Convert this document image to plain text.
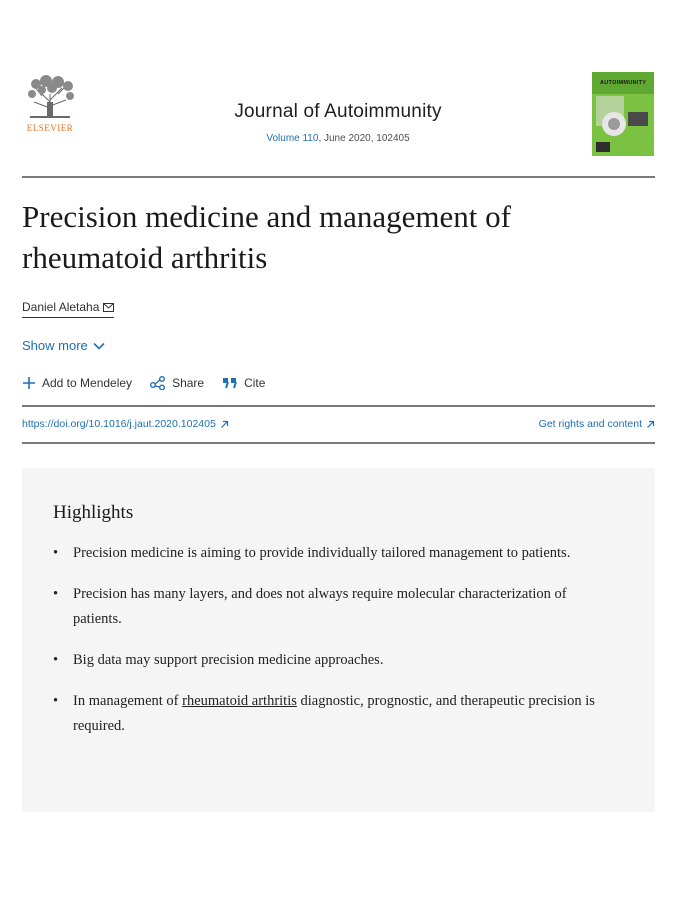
ELSEVIER
Journal of Autoimmunity
Volume 110, June 2020, 102405
AUTOIMMUNITY
Precision medicine and management of rheumatoid arthritis
Daniel Aletaha
Show more
Add to Mendeley	Share	Cite
https://doi.org/10.1016/j.jaut.2020.102405	Get rights and content
Highlights
• Precision medicine is aiming to provide individually tailored management to patients.
• Precision has many layers, and does not always require molecular characterization of patients.
• Big data may support precision medicine approaches.
• In management of rheumatoid arthritis diagnostic, prognostic, and therapeutic precision is required.
